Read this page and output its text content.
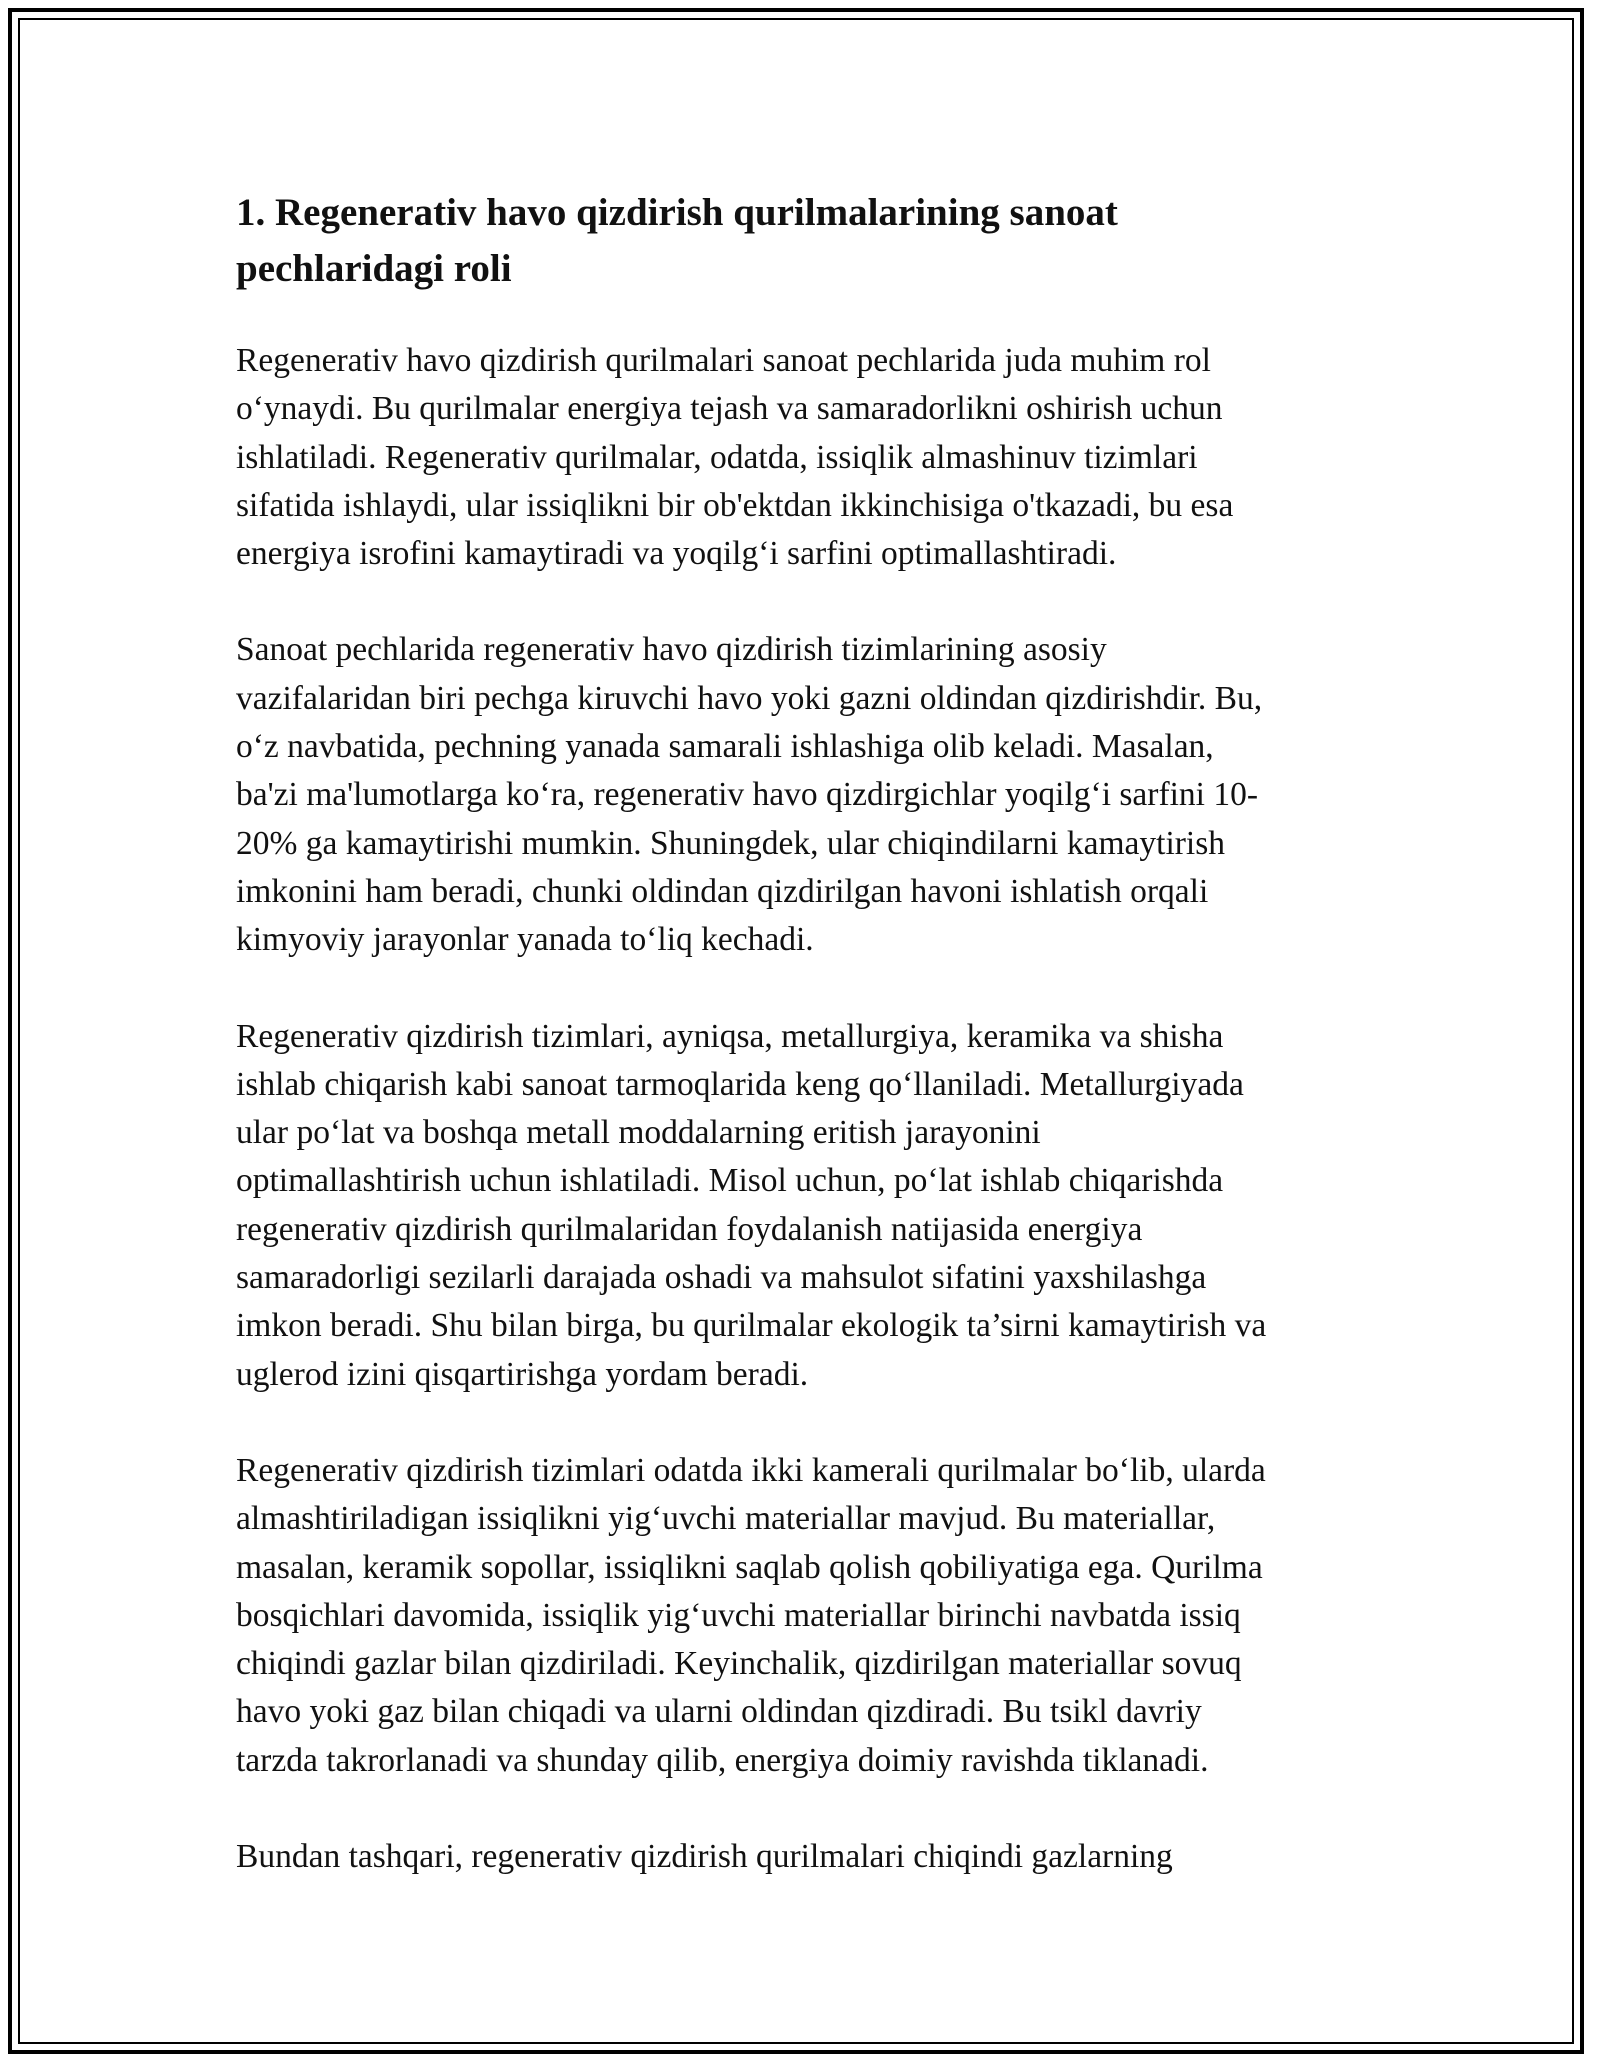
1. Regenerativ havo qizdirish qurilmalarining sanoat
pechlaridagi roli

Regenerativ havo qizdirish qurilmalari sanoat pechlarida juda muhim rol
o‘ynaydi. Bu qurilmalar energiya tejash va samaradorlikni oshirish uchun
ishlatiladi. Regenerativ qurilmalar, odatda, issiqlik almashinuv tizimlari
sifatida ishlaydi, ular issiqlikni bir ob'ektdan ikkinchisiga o'tkazadi, bu esa
energiya isrofini kamaytiradi va yoqilg‘i sarfini optimallashtiradi.

Sanoat pechlarida regenerativ havo qizdirish tizimlarining asosiy
vazifalaridan biri pechga kiruvchi havo yoki gazni oldindan qizdirishdir. Bu,
o‘z navbatida, pechning yanada samarali ishlashiga olib keladi. Masalan,
ba'zi ma'lumotlarga ko‘ra, regenerativ havo qizdirgichlar yoqilg‘i sarfini 10-
20% ga kamaytirishi mumkin. Shuningdek, ular chiqindilarni kamaytirish
imkonini ham beradi, chunki oldindan qizdirilgan havoni ishlatish orqali
kimyoviy jarayonlar yanada to‘liq kechadi.

Regenerativ qizdirish tizimlari, ayniqsa, metallurgiya, keramika va shisha
ishlab chiqarish kabi sanoat tarmoqlarida keng qo‘llaniladi. Metallurgiyada
ular po‘lat va boshqa metall moddalarning eritish jarayonini
optimallashtirish uchun ishlatiladi. Misol uchun, po‘lat ishlab chiqarishda
regenerativ qizdirish qurilmalaridan foydalanish natijasida energiya
samaradorligi sezilarli darajada oshadi va mahsulot sifatini yaxshilashga
imkon beradi. Shu bilan birga, bu qurilmalar ekologik ta’sirni kamaytirish va
uglerod izini qisqartirishga yordam beradi.

Regenerativ qizdirish tizimlari odatda ikki kamerali qurilmalar bo‘lib, ularda
almashtiriladigan issiqlikni yig‘uvchi materiallar mavjud. Bu materiallar,
masalan, keramik sopollar, issiqlikni saqlab qolish qobiliyatiga ega. Qurilma
bosqichlari davomida, issiqlik yig‘uvchi materiallar birinchi navbatda issiq
chiqindi gazlar bilan qizdiriladi. Keyinchalik, qizdirilgan materiallar sovuq
havo yoki gaz bilan chiqadi va ularni oldindan qizdiradi. Bu tsikl davriy
tarzda takrorlanadi va shunday qilib, energiya doimiy ravishda tiklanadi.

Bundan tashqari, regenerativ qizdirish qurilmalari chiqindi gazlarning
